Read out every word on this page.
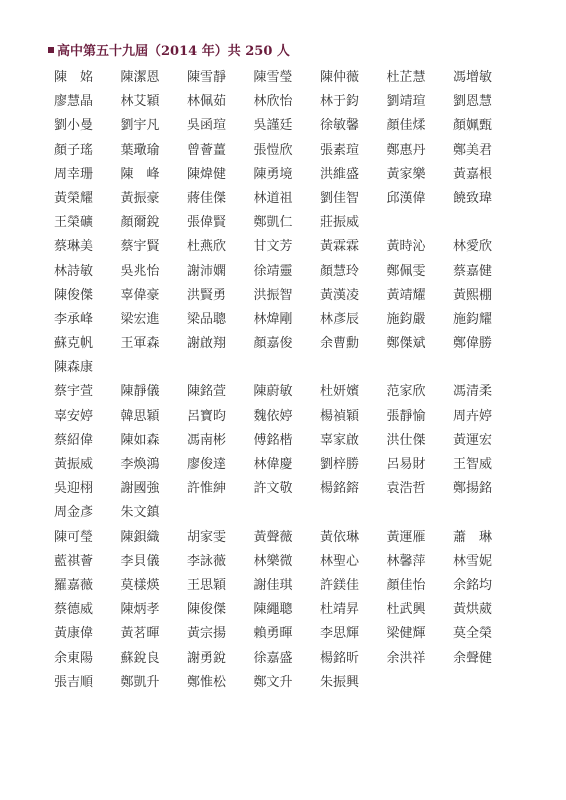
高中第五十九屆（2014 年）共 250 人
陳　姳	陳潔恩	陳雪靜	陳雪瑩	陳仲薇	杜芷慧	馮增敏
廖慧晶	林艾穎	林佩茹	林欣怡	林于鈞	劉靖瑄	劉恩慧
劉小曼	劉宇凡	吳函瑄	吳謹廷	徐敏馨	顏佳煣	顏姵甄
顏子瑤	葉璥瑜	曾薈薑	張愷欣	張素瑄	鄭惠丹	鄭美君
周幸珊	陳　峰	陳煒健	陳勇境	洪維盛	黃家樂	黃嘉根
黃榮耀	黃振豪	蔣佳傑	林道祖	劉佳智	邱漢偉	饒致瑋
王榮礦	顏爾銳	張偉賢	鄭凱仁	莊振威
蔡琳美	蔡宇賢	杜燕欣	甘文芳	黃霖霖	黃時沁	林愛欣
林詩敏	吳兆怡	謝沛嫻	徐靖靈	顏慧玲	鄭佩雯	蔡嘉健
陳俊傑	辜偉豪	洪賢勇	洪振智	黃漢凌	黃靖耀	黃熙棚
李承峰	梁宏進	梁品聰	林煒剛	林彥辰	施鈞嚴	施鈞耀
蘇克帆	王軍森	謝啟翔	顏嘉俊	余曹勳	鄭傑斌	鄭偉勝
陳森康
蔡宇萱	陳靜儀	陳銘萱	陳蔚敏	杜妍嬪	范家欣	馮清柔
辜安婷	韓思穎	呂寶昀	魏依婷	楊禎穎	張靜愉	周卉婷
蔡紹偉	陳如森	馮南彬	傅銘楷	辜家啟	洪仕傑	黃運宏
黃振威	李煥鴻	廖俊達	林偉慶	劉梓勝	呂易財	王智威
吳迎栩	謝國強	許惟紳	許文敬	楊銘鎔	袁浩哲	鄭揚銘
周金彥	朱文鎮
陳可瑩	陳鋇織	胡家雯	黃聲薇	黃依琳	黃運雁	蕭　琳
藍祺薈	李貝儀	李詠薇	林樂微	林聖心	林馨萍	林雪妮
羅嘉薇	莫樣煐	王思穎	謝佳琪	許鎂佳	顏佳怡	余銘均
蔡德威	陳炳孝	陳俊傑	陳繩聰	杜靖昇	杜武興	黃烘葳
黃康偉	黃茗暉	黃宗揚	賴勇暉	李思輝	梁健輝	莫全榮
余東陽	蘇銳良	謝勇銳	徐嘉盛	楊銘昕	余洪祥	余聲健
張吉順	鄭凱升	鄭惟松	鄭文升	朱振興
